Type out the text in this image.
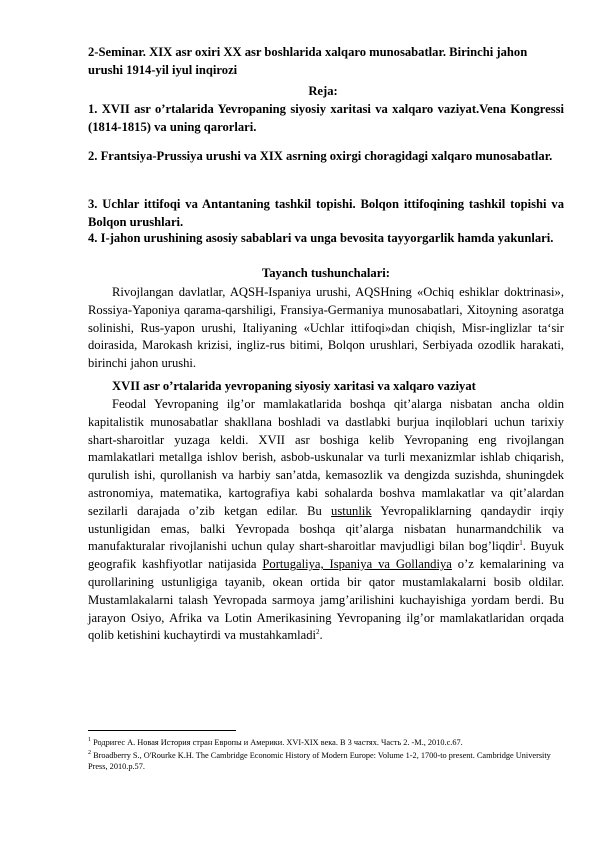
2-Seminar. XIX asr oxiri XX asr boshlarida xalqaro munosabatlar. Birinchi jahon urushi 1914-yil iyul inqirozi

Reja:

1. XVII asr o’rtalarida Yevropaning siyosiy xaritasi va xalqaro vaziyat.Vena Kongressi (1814-1815) va uning qarorlari.

2. Frantsiya-Prussiya urushi va XIX asrning oxirgi choragidagi xalqaro munosabatlar.

3. Uchlar ittifoqi va Antantaning tashkil topishi. Bolqon ittifoqining tashkil topishi va Bolqon urushlari.

4. I-jahon urushining asosiy sabablari va unga bevosita tayyorgarlik hamda yakunlari.

Tayanch tushunchalari:

Rivojlangan davlatlar, AQSH-Ispaniya urushi, AQSHning «Ochiq eshiklar doktrinasi», Rossiya-Yaponiya qarama-qarshiligi, Fransiya-Germaniya munosabatlari, Xitoyning asoratga solinishi, Rus-yapon urushi, Italiyaning «Uchlar ittifoqi»dan chiqish, Misr-inglizlar ta‘sir doirasida, Marokash krizisi, ingliz-rus bitimi, Bolqon urushlari, Serbiyada ozodlik harakati, birinchi jahon urushi.

XVII asr o’rtalarida yevropaning siyosiy xaritasi va xalqaro vaziyat

Feodal Yevropaning ilg’or mamlakatlarida boshqa qit’alarga nisbatan ancha oldin kapitalistik munosabatlar shakllana boshladi va dastlabki burjua inqiloblari uchun tarixiy shart-sharoitlar yuzaga keldi. XVII asr boshiga kelib Yevropaning eng rivojlangan mamlakatlari metallga ishlov berish, asbob-uskunalar va turli mexanizmlar ishlab chiqarish, qurulish ishi, qurollanish va harbiy san’atda, kemasozlik va dengizda suzishda, shuningdek astronomiya, matematika, kartografiya kabi sohalarda boshva mamlakatlar va qit’alardan sezilarli darajada o’zib ketgan edilar. Bu ustunlik Yevropaliklarning qandaydir irqiy ustunligidan emas, balki Yevropada boshqa qit’alarga nisbatan hunarmandchilik va manufakturalar rivojlanishi uchun qulay shart-sharoitlar mavjudligi bilan bog’liqdir$^1$. Buyuk geografik kashfiyotlar natijasida Portugaliya, Ispaniya va Gollandiya o’z kemalarining va qurollarining ustunligiga tayanib, okean ortida bir qator mustamlakalarni bosib oldilar. Mustamlakalarni talash Yevropada sarmoya jamg’arilishini kuchayishiga yordam berdi. Bu jarayon Osiyo, Afrika va Lotin Amerikasining Yevropaning ilg’or mamlakatlaridan orqada qolib ketishini kuchaytirdi va mustahkamladi$^2$.

$^1$ Родригес А. Новая История стран Европы и Америки. XVI-XIX века. В 3 частях. Часть 2. -М., 2010.с.67.

$^2$ Broadberry S., O'Rourke K.H. The Cambridge Economic History of Modern Europe: Volume 1-2, 1700-to present. Cambridge University Press, 2010.p.57.
